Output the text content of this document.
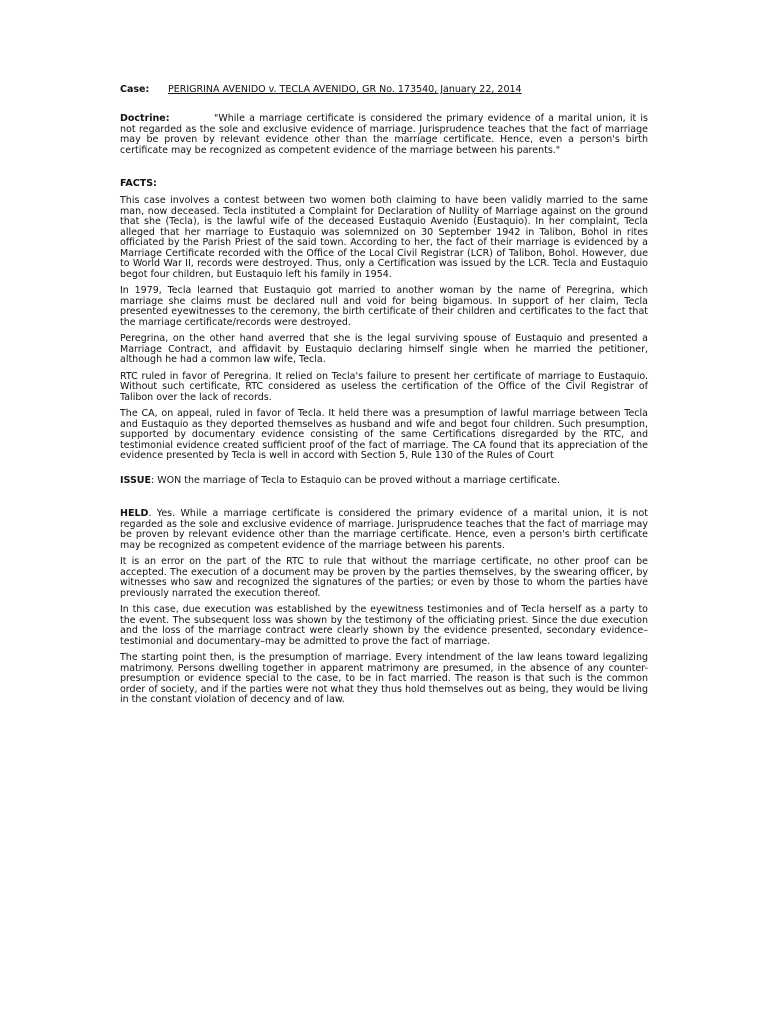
Case: PERIGRINA AVENIDO v. TECLA AVENIDO, GR No. 173540, January 22, 2014

Doctrine:	"While a marriage certificate is considered the primary evidence of a marital union, it is not regarded as the sole and exclusive evidence of marriage. Jurisprudence teaches that the fact of marriage may be proven by relevant evidence other than the marriage certificate. Hence, even a person's birth certificate may be recognized as competent evidence of the marriage between his parents."

FACTS:

This case involves a contest between two women both claiming to have been validly married to the same man, now deceased. Tecla instituted a Complaint for Declaration of Nullity of Marriage against on the ground that she (Tecla), is the lawful wife of the deceased Eustaquio Avenido (Eustaquio). In her complaint, Tecla alleged that her marriage to Eustaquio was solemnized on 30 September 1942 in Talibon, Bohol in rites officiated by the Parish Priest of the said town. According to her, the fact of their marriage is evidenced by a Marriage Certificate recorded with the Office of the Local Civil Registrar (LCR) of Talibon, Bohol. However, due to World War II, records were destroyed. Thus, only a Certification was issued by the LCR. Tecla and Eustaquio begot four children, but Eustaquio left his family in 1954.

In 1979, Tecla learned that Eustaquio got married to another woman by the name of Peregrina, which marriage she claims must be declared null and void for being bigamous. In support of her claim, Tecla presented eyewitnesses to the ceremony, the birth certificate of their children and certificates to the fact that the marriage certificate/records were destroyed.

Peregrina, on the other hand averred that she is the legal surviving spouse of Eustaquio and presented a Marriage Contract, and affidavit by Eustaquio declaring himself single when he married the petitioner, although he had a common law wife, Tecla.

RTC ruled in favor of Peregrina. It relied on Tecla's failure to present her certificate of marriage to Eustaquio. Without such certificate, RTC considered as useless the certification of the Office of the Civil Registrar of Talibon over the lack of records.

The CA, on appeal, ruled in favor of Tecla. It held there was a presumption of lawful marriage between Tecla and Eustaquio as they deported themselves as husband and wife and begot four children. Such presumption, supported by documentary evidence consisting of the same Certifications disregarded by the RTC, and testimonial evidence created sufficient proof of the fact of marriage. The CA found that its appreciation of the evidence presented by Tecla is well in accord with Section 5, Rule 130 of the Rules of Court

ISSUE: WON the marriage of Tecla to Estaquio can be proved without a marriage certificate.

HELD. Yes. While a marriage certificate is considered the primary evidence of a marital union, it is not regarded as the sole and exclusive evidence of marriage. Jurisprudence teaches that the fact of marriage may be proven by relevant evidence other than the marriage certificate. Hence, even a person's birth certificate may be recognized as competent evidence of the marriage between his parents.

It is an error on the part of the RTC to rule that without the marriage certificate, no other proof can be accepted. The execution of a document may be proven by the parties themselves, by the swearing officer, by witnesses who saw and recognized the signatures of the parties; or even by those to whom the parties have previously narrated the execution thereof.

In this case, due execution was established by the eyewitness testimonies and of Tecla herself as a party to the event. The subsequent loss was shown by the testimony of the officiating priest. Since the due execution and the loss of the marriage contract were clearly shown by the evidence presented, secondary evidence–testimonial and documentary–may be admitted to prove the fact of marriage.

The starting point then, is the presumption of marriage. Every intendment of the law leans toward legalizing matrimony. Persons dwelling together in apparent matrimony are presumed, in the absence of any counter-presumption or evidence special to the case, to be in fact married. The reason is that such is the common order of society, and if the parties were not what they thus hold themselves out as being, they would be living in the constant violation of decency and of law.
